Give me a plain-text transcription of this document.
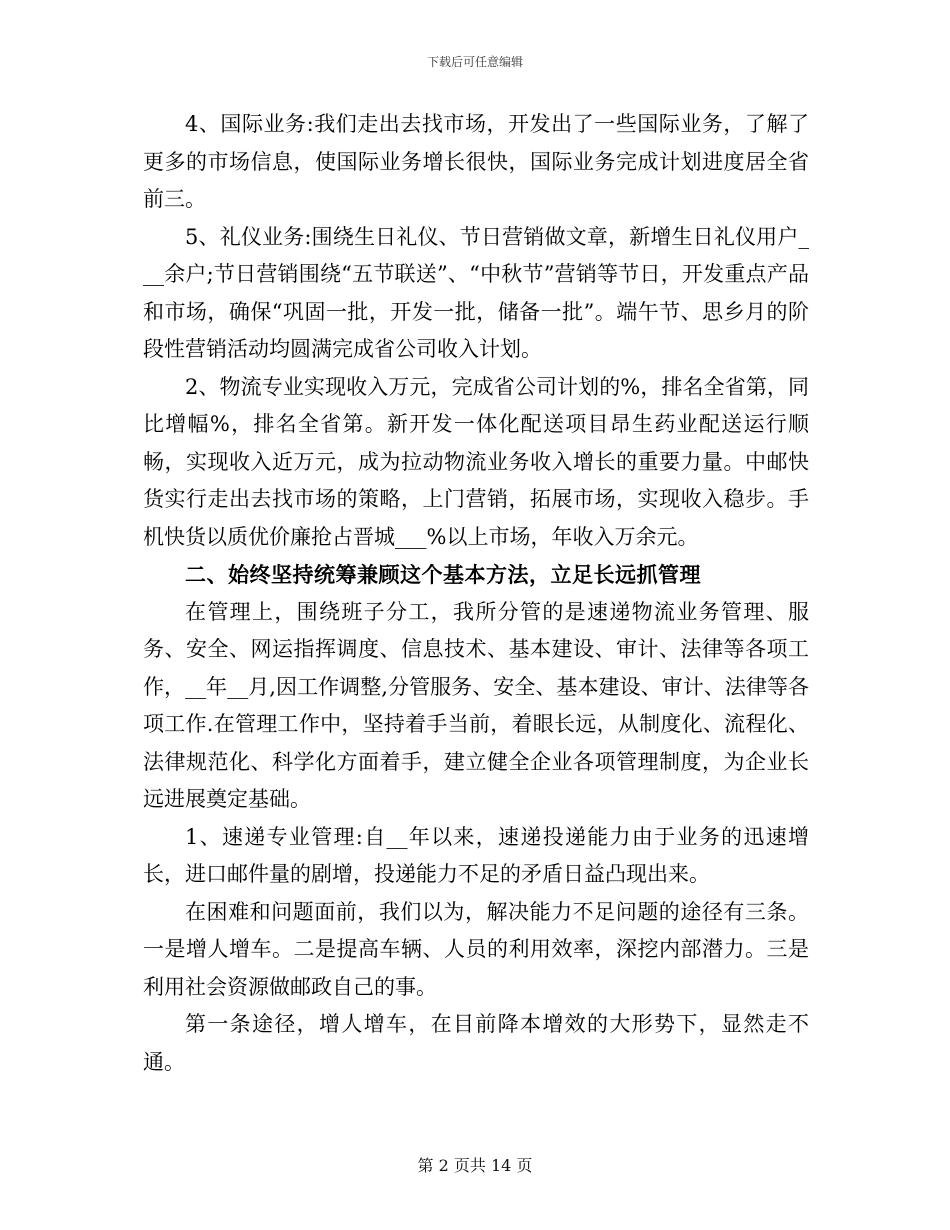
下载后可任意编辑

4、国际业务:我们走出去找市场，开发出了一些国际业务，了解了更多的市场信息，使国际业务增长很快，国际业务完成计划进度居全省前三。

5、礼仪业务:围绕生日礼仪、节日营销做文章，新增生日礼仪用户___余户;节日营销围绕“五节联送”、“中秋节”营销等节日，开发重点产品和市场，确保“巩固一批，开发一批，储备一批”。端午节、思乡月的阶段性营销活动均圆满完成省公司收入计划。

2、物流专业实现收入万元，完成省公司计划的%，排名全省第，同比增幅%，排名全省第。新开发一体化配送项目昂生药业配送运行顺畅，实现收入近万元，成为拉动物流业务收入增长的重要力量。中邮快货实行走出去找市场的策略，上门营销，拓展市场，实现收入稳步。手机快货以质优价廉抢占晋城___%以上市场，年收入万余元。

二、始终坚持统筹兼顾这个基本方法，立足长远抓管理

在管理上，围绕班子分工，我所分管的是速递物流业务管理、服务、安全、网运指挥调度、信息技术、基本建设、审计、法律等各项工作，__年__月,因工作调整,分管服务、安全、基本建设、审计、法律等各项工作.在管理工作中，坚持着手当前，着眼长远，从制度化、流程化、法律规范化、科学化方面着手，建立健全企业各项管理制度，为企业长远进展奠定基础。

1、速递专业管理:自__年以来，速递投递能力由于业务的迅速增长，进口邮件量的剧增，投递能力不足的矛盾日益凸现出来。

在困难和问题面前，我们以为，解决能力不足问题的途径有三条。一是增人增车。二是提高车辆、人员的利用效率，深挖内部潜力。三是利用社会资源做邮政自己的事。

第一条途径，增人增车，在目前降本增效的大形势下，显然走不通。

第 2 页共 14 页
